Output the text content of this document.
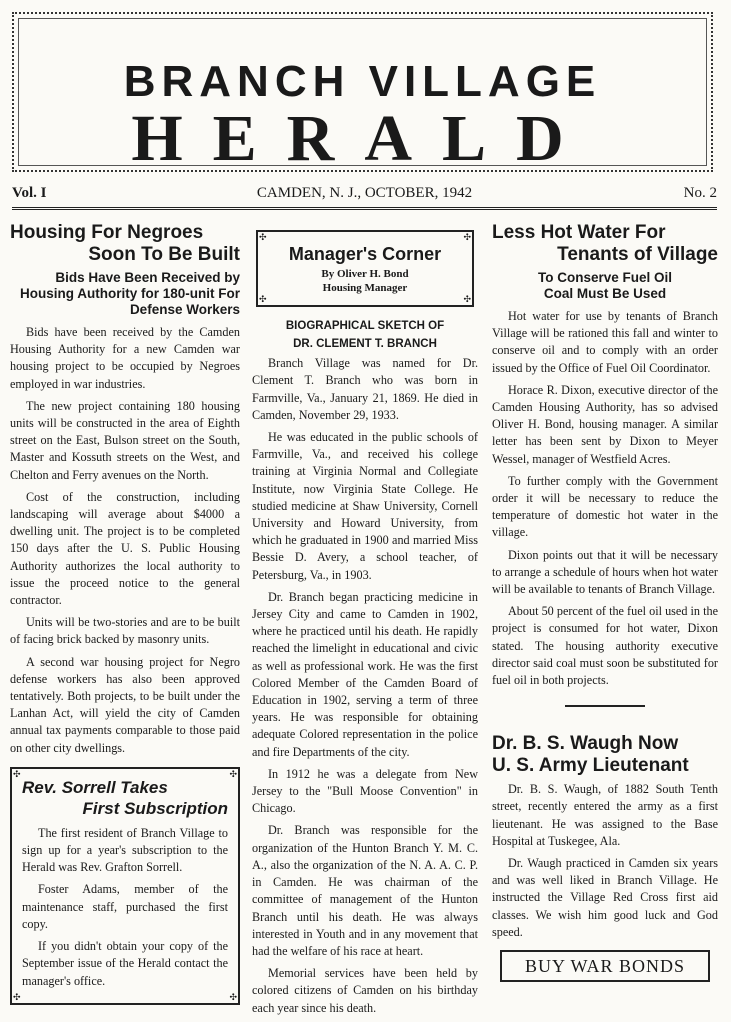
BRANCH VILLAGE
HERALD
Vol. I	CAMDEN, N. J., OCTOBER, 1942	No. 2
Housing For Negroes
Soon To Be Built
Bids Have Been Received by Housing Authority for 180-unit For Defense Workers

Bids have been received by the Camden Housing Authority for a new Camden war housing project to be occupied by Negroes employed in war industries.

The new project containing 180 housing units will be constructed in the area of Eighth street on the East, Bulson street on the South, Master and Kossuth streets on the West, and Chelton and Ferry avenues on the North.

Cost of the construction, including landscaping will average about $4000 a dwelling unit. The project is to be completed 150 days after the U. S. Public Housing Authority authorizes the local authority to issue the proceed notice to the general contractor.

Units will be two-stories and are to be built of facing brick backed by masonry units.

A second war housing project for Negro defense workers has also been approved tentatively. Both projects, to be built under the Lanhan Act, will yield the city of Camden annual tax payments comparable to those paid on other city dwellings.

✣	✣
✣	✣
Rev. Sorrell Takes
First Subscription

The first resident of Branch Village to sign up for a year's subscription to the Herald was Rev. Grafton Sorrell.

Foster Adams, member of the maintenance staff, purchased the first copy.

If you didn't obtain your copy of the September issue of the Herald contact the manager's office.

✣	✣
✣	✣
Manager's Corner
By Oliver H. Bond
Housing Manager
BIOGRAPHICAL SKETCH OF
DR. CLEMENT T. BRANCH

Branch Village was named for Dr. Clement T. Branch who was born in Farmville, Va., January 21, 1869. He died in Camden, November 29, 1933.

He was educated in the public schools of Farmville, Va., and received his college training at Virginia Normal and Collegiate Institute, now Virginia State College. He studied medicine at Shaw University, Cornell University and Howard University, from which he graduated in 1900 and married Miss Bessie D. Avery, a school teacher, of Petersburg, Va., in 1903.

Dr. Branch began practicing medicine in Jersey City and came to Camden in 1902, where he practiced until his death. He rapidly reached the limelight in educational and civic as well as professional work. He was the first Colored Member of the Camden Board of Education in 1902, serving a term of three years. He was responsible for obtaining adequate Colored representation in the police and fire Departments of the city.

In 1912 he was a delegate from New Jersey to the "Bull Moose Convention" in Chicago.

Dr. Branch was responsible for the organization of the Hunton Branch Y. M. C. A., also the organization of the N. A. A. C. P. in Camden. He was chairman of the committee of management of the Hunton Branch until his death. He was always interested in Youth and in any movement that had the welfare of his race at heart.

Memorial services have been held by colored citizens of Camden on his birthday each year since his death.

Less Hot Water For
Tenants of Village
To Conserve Fuel Oil
Coal Must Be Used

Hot water for use by tenants of Branch Village will be rationed this fall and winter to conserve oil and to comply with an order issued by the Office of Fuel Oil Coordinator.

Horace R. Dixon, executive director of the Camden Housing Authority, has so advised Oliver H. Bond, housing manager. A similar letter has been sent by Dixon to Meyer Wessel, manager of Westfield Acres.

To further comply with the Government order it will be necessary to reduce the temperature of domestic hot water in the village.

Dixon points out that it will be necessary to arrange a schedule of hours when hot water will be available to tenants of Branch Village.

About 50 percent of the fuel oil used in the project is consumed for hot water, Dixon stated. The housing authority executive director said coal must soon be substituted for fuel oil in both projects.

Dr. B. S. Waugh Now
U. S. Army Lieutenant

Dr. B. S. Waugh, of 1882 South Tenth street, recently entered the army as a first lieutenant. He was assigned to the Base Hospital at Tuskegee, Ala.

Dr. Waugh practiced in Camden six years and was well liked in Branch Village. He instructed the Village Red Cross first aid classes. We wish him good luck and God speed.

BUY WAR BONDS
